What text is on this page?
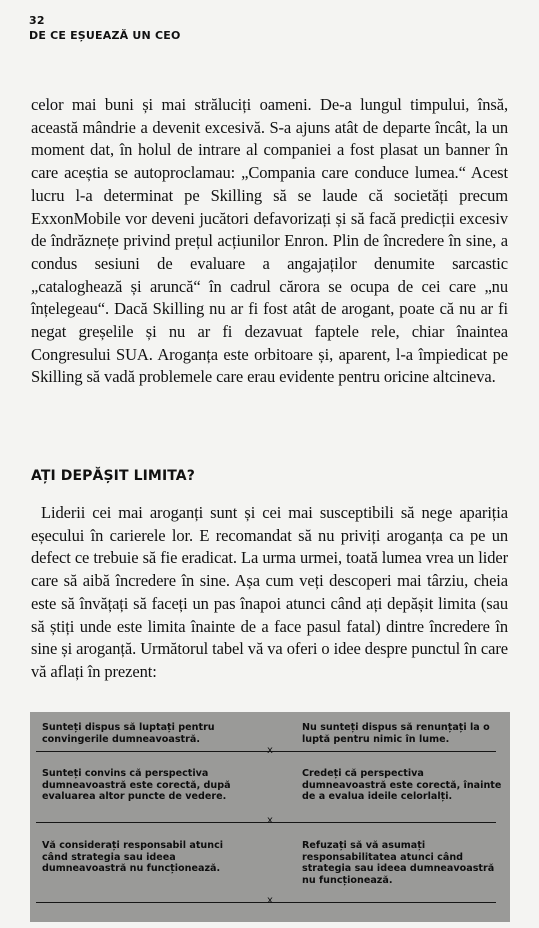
32
DE CE EȘUEAZĂ UN CEO

celor mai buni și mai străluciți oameni. De-a lungul timpului, însă, această mândrie a devenit excesivă. S-a ajuns atât de departe încât, la un moment dat, în holul de intrare al companiei a fost plasat un banner în care aceștia se autoproclamau: „Compania care conduce lumea.“ Acest lucru l-a determinat pe Skilling să se laude că societăți precum ExxonMobile vor deveni jucători defavorizați și să facă predicții excesiv de îndrăznețe privind prețul acțiunilor Enron. Plin de încredere în sine, a condus sesiuni de evaluare a angajaților denumite sarcastic „cataloghează și aruncă“ în cadrul cărora se ocupa de cei care „nu înțelegeau“. Dacă Skilling nu ar fi fost atât de arogant, poate că nu ar fi negat greșelile și nu ar fi dezavuat faptele rele, chiar înaintea Congresului SUA. Aroganța este orbitoare și, aparent, l-a împiedicat pe Skilling să vadă problemele care erau evidente pentru oricine altcineva.

AȚI DEPĂȘIT LIMITA?

Liderii cei mai aroganți sunt și cei mai susceptibili să nege apariția eșecului în carierele lor. E recomandat să nu priviți aroganța ca pe un defect ce trebuie să fie eradicat. La urma urmei, toată lumea vrea un lider care să aibă încredere în sine. Așa cum veți descoperi mai târziu, cheia este să învățați să faceți un pas înapoi atunci când ați depășit limita (sau să știți unde este limita înainte de a face pasul fatal) dintre încredere în sine și aroganță. Următorul tabel vă va oferi o idee despre punctul în care vă aflați în prezent:

Sunteți dispus să luptați pentru convingerile dumneavoastră.
Nu sunteți dispus să renunțați la o luptă pentru nimic în lume.
x
Sunteți convins că perspectiva dumneavoastră este corectă, după evaluarea altor puncte de vedere.
Credeți că perspectiva dumneavoastră este corectă, înainte de a evalua ideile celorlalți.
x
Vă considerați responsabil atunci când strategia sau ideea dumneavoastră nu funcționează.
Refuzați să vă asumați responsabilitatea atunci când strategia sau ideea dumneavoastră nu funcționează.
x
